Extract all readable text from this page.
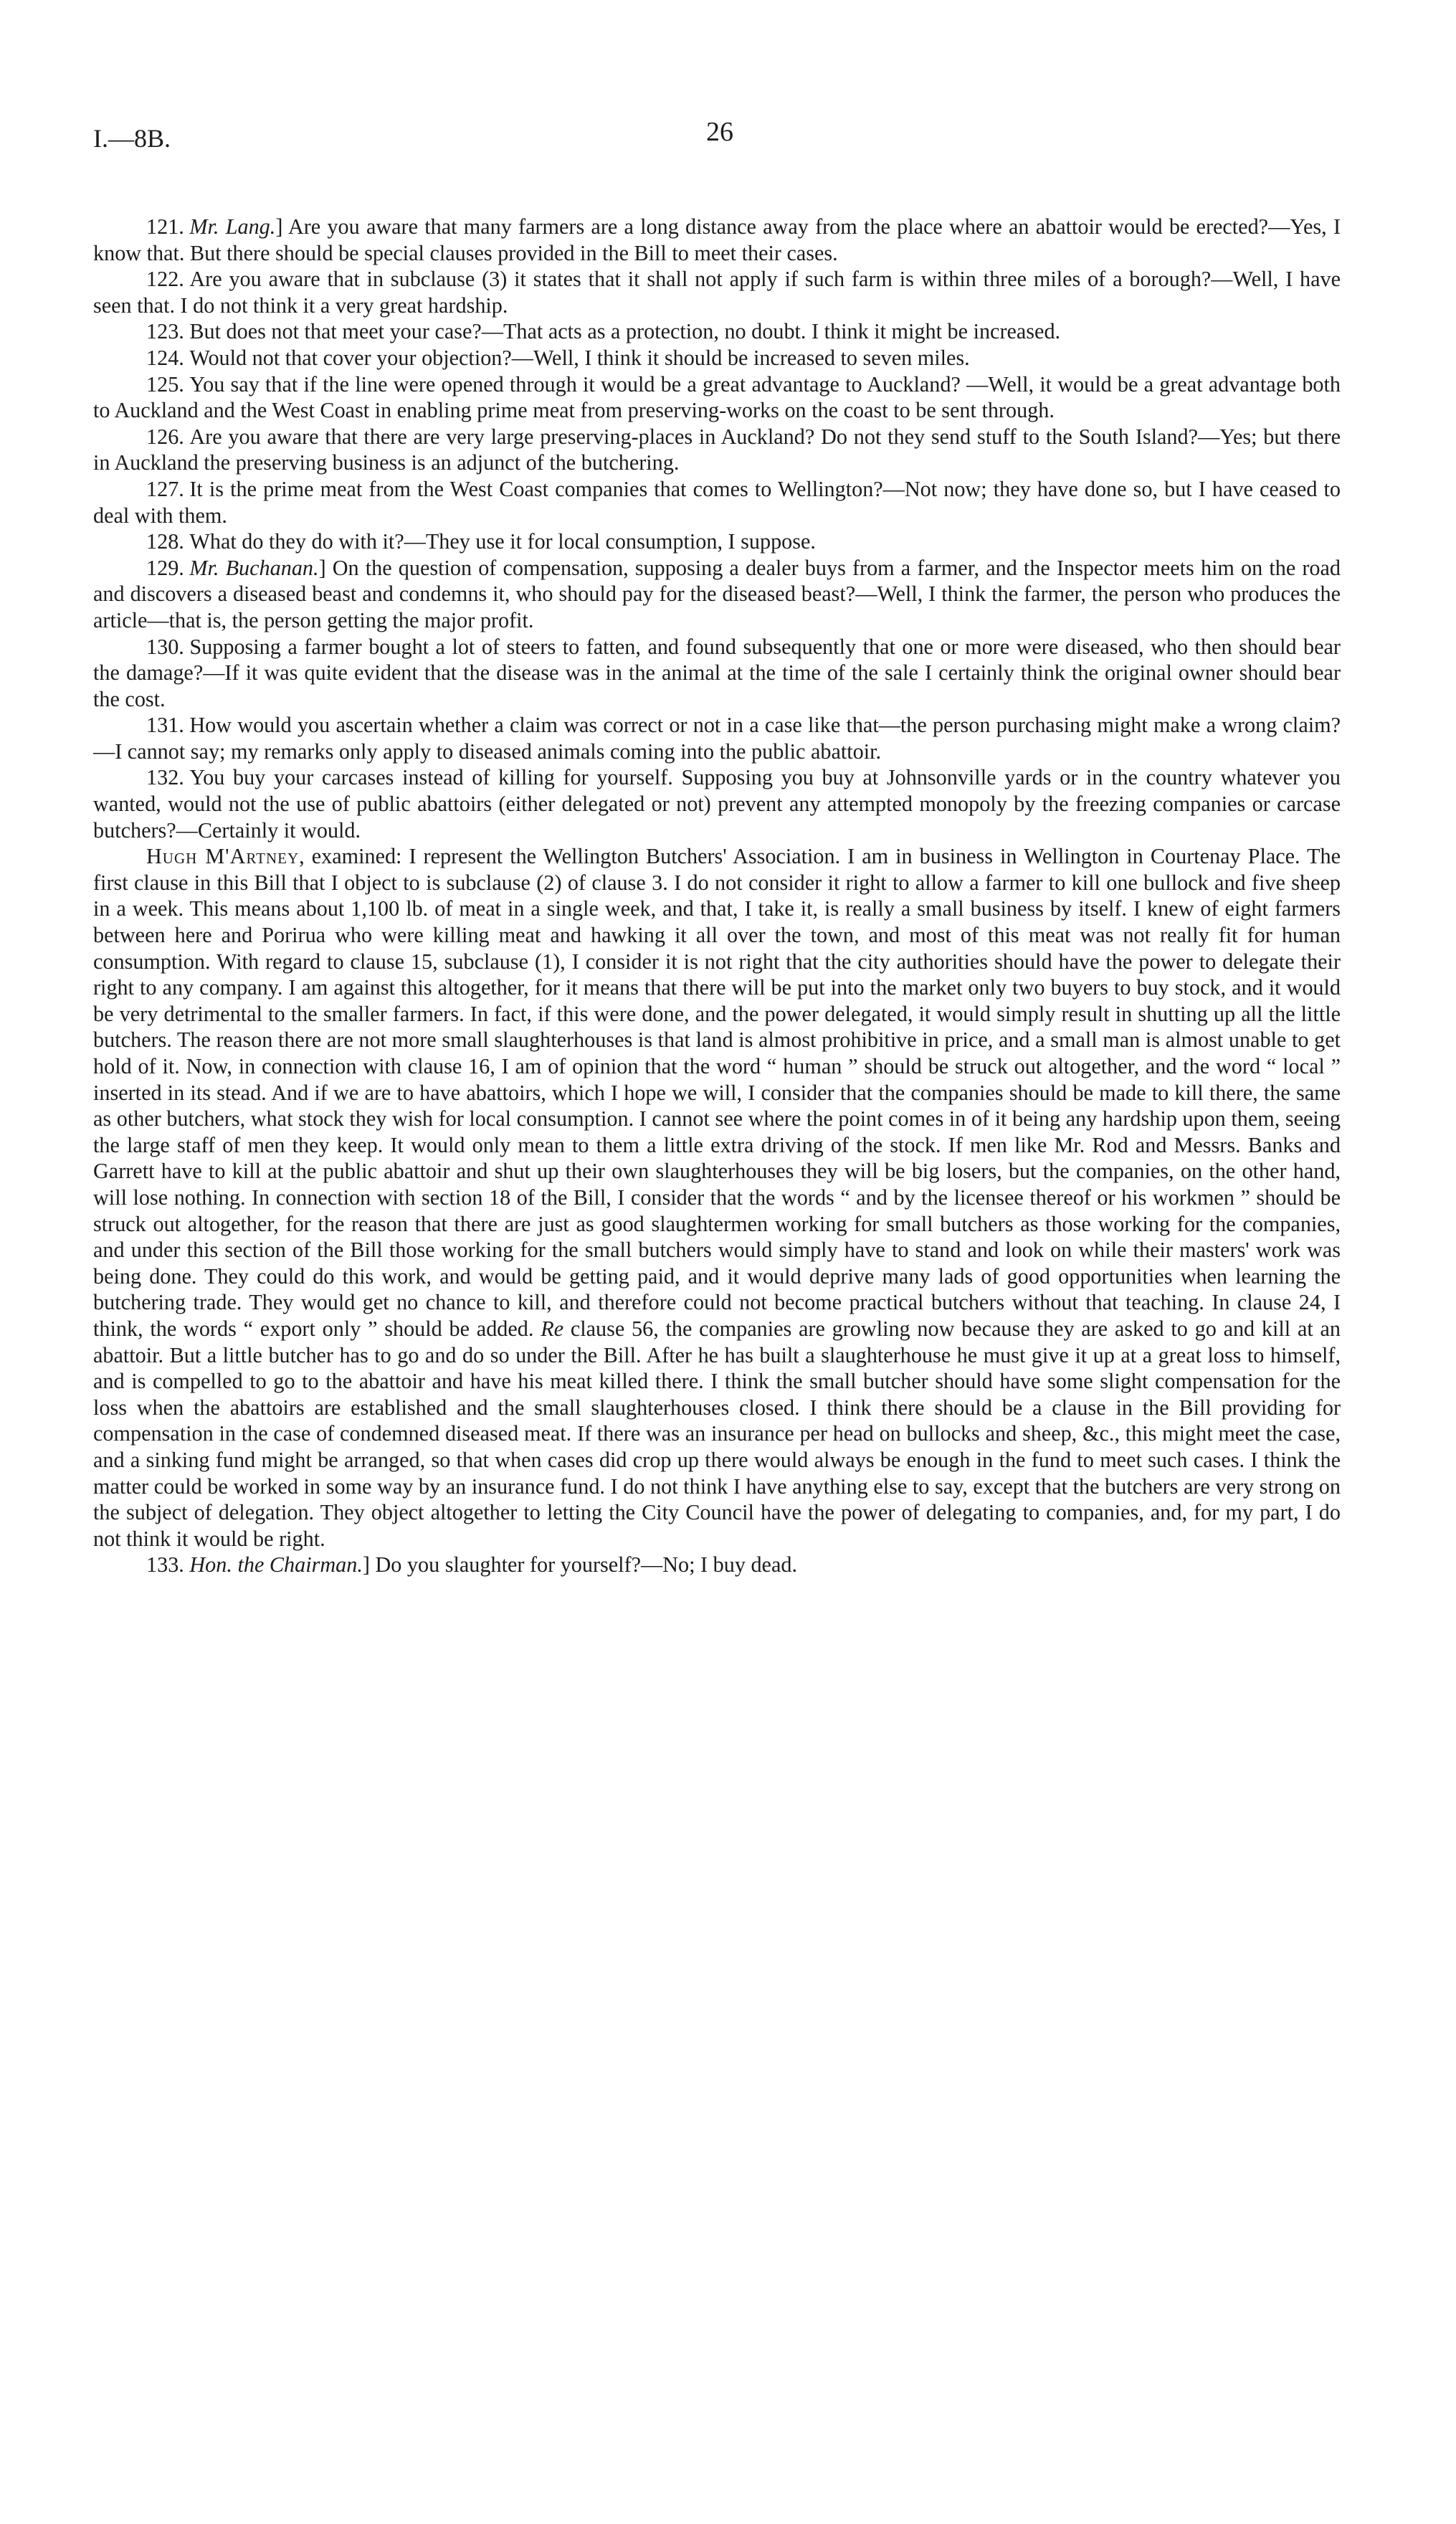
I.—8B.	26

121. Mr. Lang.] Are you aware that many farmers are a long distance away from the place where an abattoir would be erected?—Yes, I know that. But there should be special clauses provided in the Bill to meet their cases.

122. Are you aware that in subclause (3) it states that it shall not apply if such farm is within three miles of a borough?—Well, I have seen that. I do not think it a very great hardship.

123. But does not that meet your case?—That acts as a protection, no doubt. I think it might be increased.

124. Would not that cover your objection?—Well, I think it should be increased to seven miles.

125. You say that if the line were opened through it would be a great advantage to Auckland? —Well, it would be a great advantage both to Auckland and the West Coast in enabling prime meat from preserving-works on the coast to be sent through.

126. Are you aware that there are very large preserving-places in Auckland? Do not they send stuff to the South Island?—Yes; but there in Auckland the preserving business is an adjunct of the butchering.

127. It is the prime meat from the West Coast companies that comes to Wellington?—Not now; they have done so, but I have ceased to deal with them.

128. What do they do with it?—They use it for local consumption, I suppose.

129. Mr. Buchanan.] On the question of compensation, supposing a dealer buys from a farmer, and the Inspector meets him on the road and discovers a diseased beast and condemns it, who should pay for the diseased beast?—Well, I think the farmer, the person who produces the article—that is, the person getting the major profit.

130. Supposing a farmer bought a lot of steers to fatten, and found subsequently that one or more were diseased, who then should bear the damage?—If it was quite evident that the disease was in the animal at the time of the sale I certainly think the original owner should bear the cost.

131. How would you ascertain whether a claim was correct or not in a case like that—the person purchasing might make a wrong claim?—I cannot say; my remarks only apply to diseased animals coming into the public abattoir.

132. You buy your carcases instead of killing for yourself. Supposing you buy at Johnsonville yards or in the country whatever you wanted, would not the use of public abattoirs (either delegated or not) prevent any attempted monopoly by the freezing companies or carcase butchers?—Certainly it would.

Hugh M'Artney, examined: I represent the Wellington Butchers' Association. I am in business in Wellington in Courtenay Place. The first clause in this Bill that I object to is subclause (2) of clause 3. I do not consider it right to allow a farmer to kill one bullock and five sheep in a week. This means about 1,100 lb. of meat in a single week, and that, I take it, is really a small business by itself. I knew of eight farmers between here and Porirua who were killing meat and hawking it all over the town, and most of this meat was not really fit for human consumption. With regard to clause 15, subclause (1), I consider it is not right that the city authorities should have the power to delegate their right to any company. I am against this altogether, for it means that there will be put into the market only two buyers to buy stock, and it would be very detrimental to the smaller farmers. In fact, if this were done, and the power delegated, it would simply result in shutting up all the little butchers. The reason there are not more small slaughterhouses is that land is almost prohibitive in price, and a small man is almost unable to get hold of it. Now, in connection with clause 16, I am of opinion that the word “ human ” should be struck out altogether, and the word “ local ” inserted in its stead. And if we are to have abattoirs, which I hope we will, I consider that the companies should be made to kill there, the same as other butchers, what stock they wish for local consumption. I cannot see where the point comes in of it being any hardship upon them, seeing the large staff of men they keep. It would only mean to them a little extra driving of the stock. If men like Mr. Rod and Messrs. Banks and Garrett have to kill at the public abattoir and shut up their own slaughterhouses they will be big losers, but the companies, on the other hand, will lose nothing. In connection with section 18 of the Bill, I consider that the words “ and by the licensee thereof or his workmen ” should be struck out altogether, for the reason that there are just as good slaughtermen working for small butchers as those working for the companies, and under this section of the Bill those working for the small butchers would simply have to stand and look on while their masters' work was being done. They could do this work, and would be getting paid, and it would deprive many lads of good opportunities when learning the butchering trade. They would get no chance to kill, and therefore could not become practical butchers without that teaching. In clause 24, I think, the words “ export only ” should be added. Re clause 56, the companies are growling now because they are asked to go and kill at an abattoir. But a little butcher has to go and do so under the Bill. After he has built a slaughterhouse he must give it up at a great loss to himself, and is compelled to go to the abattoir and have his meat killed there. I think the small butcher should have some slight compensation for the loss when the abattoirs are established and the small slaughterhouses closed. I think there should be a clause in the Bill providing for compensation in the case of condemned diseased meat. If there was an insurance per head on bullocks and sheep, &c., this might meet the case, and a sinking fund might be arranged, so that when cases did crop up there would always be enough in the fund to meet such cases. I think the matter could be worked in some way by an insurance fund. I do not think I have anything else to say, except that the butchers are very strong on the subject of delegation. They object altogether to letting the City Council have the power of delegating to companies, and, for my part, I do not think it would be right.

133. Hon. the Chairman.] Do you slaughter for yourself?—No; I buy dead.
